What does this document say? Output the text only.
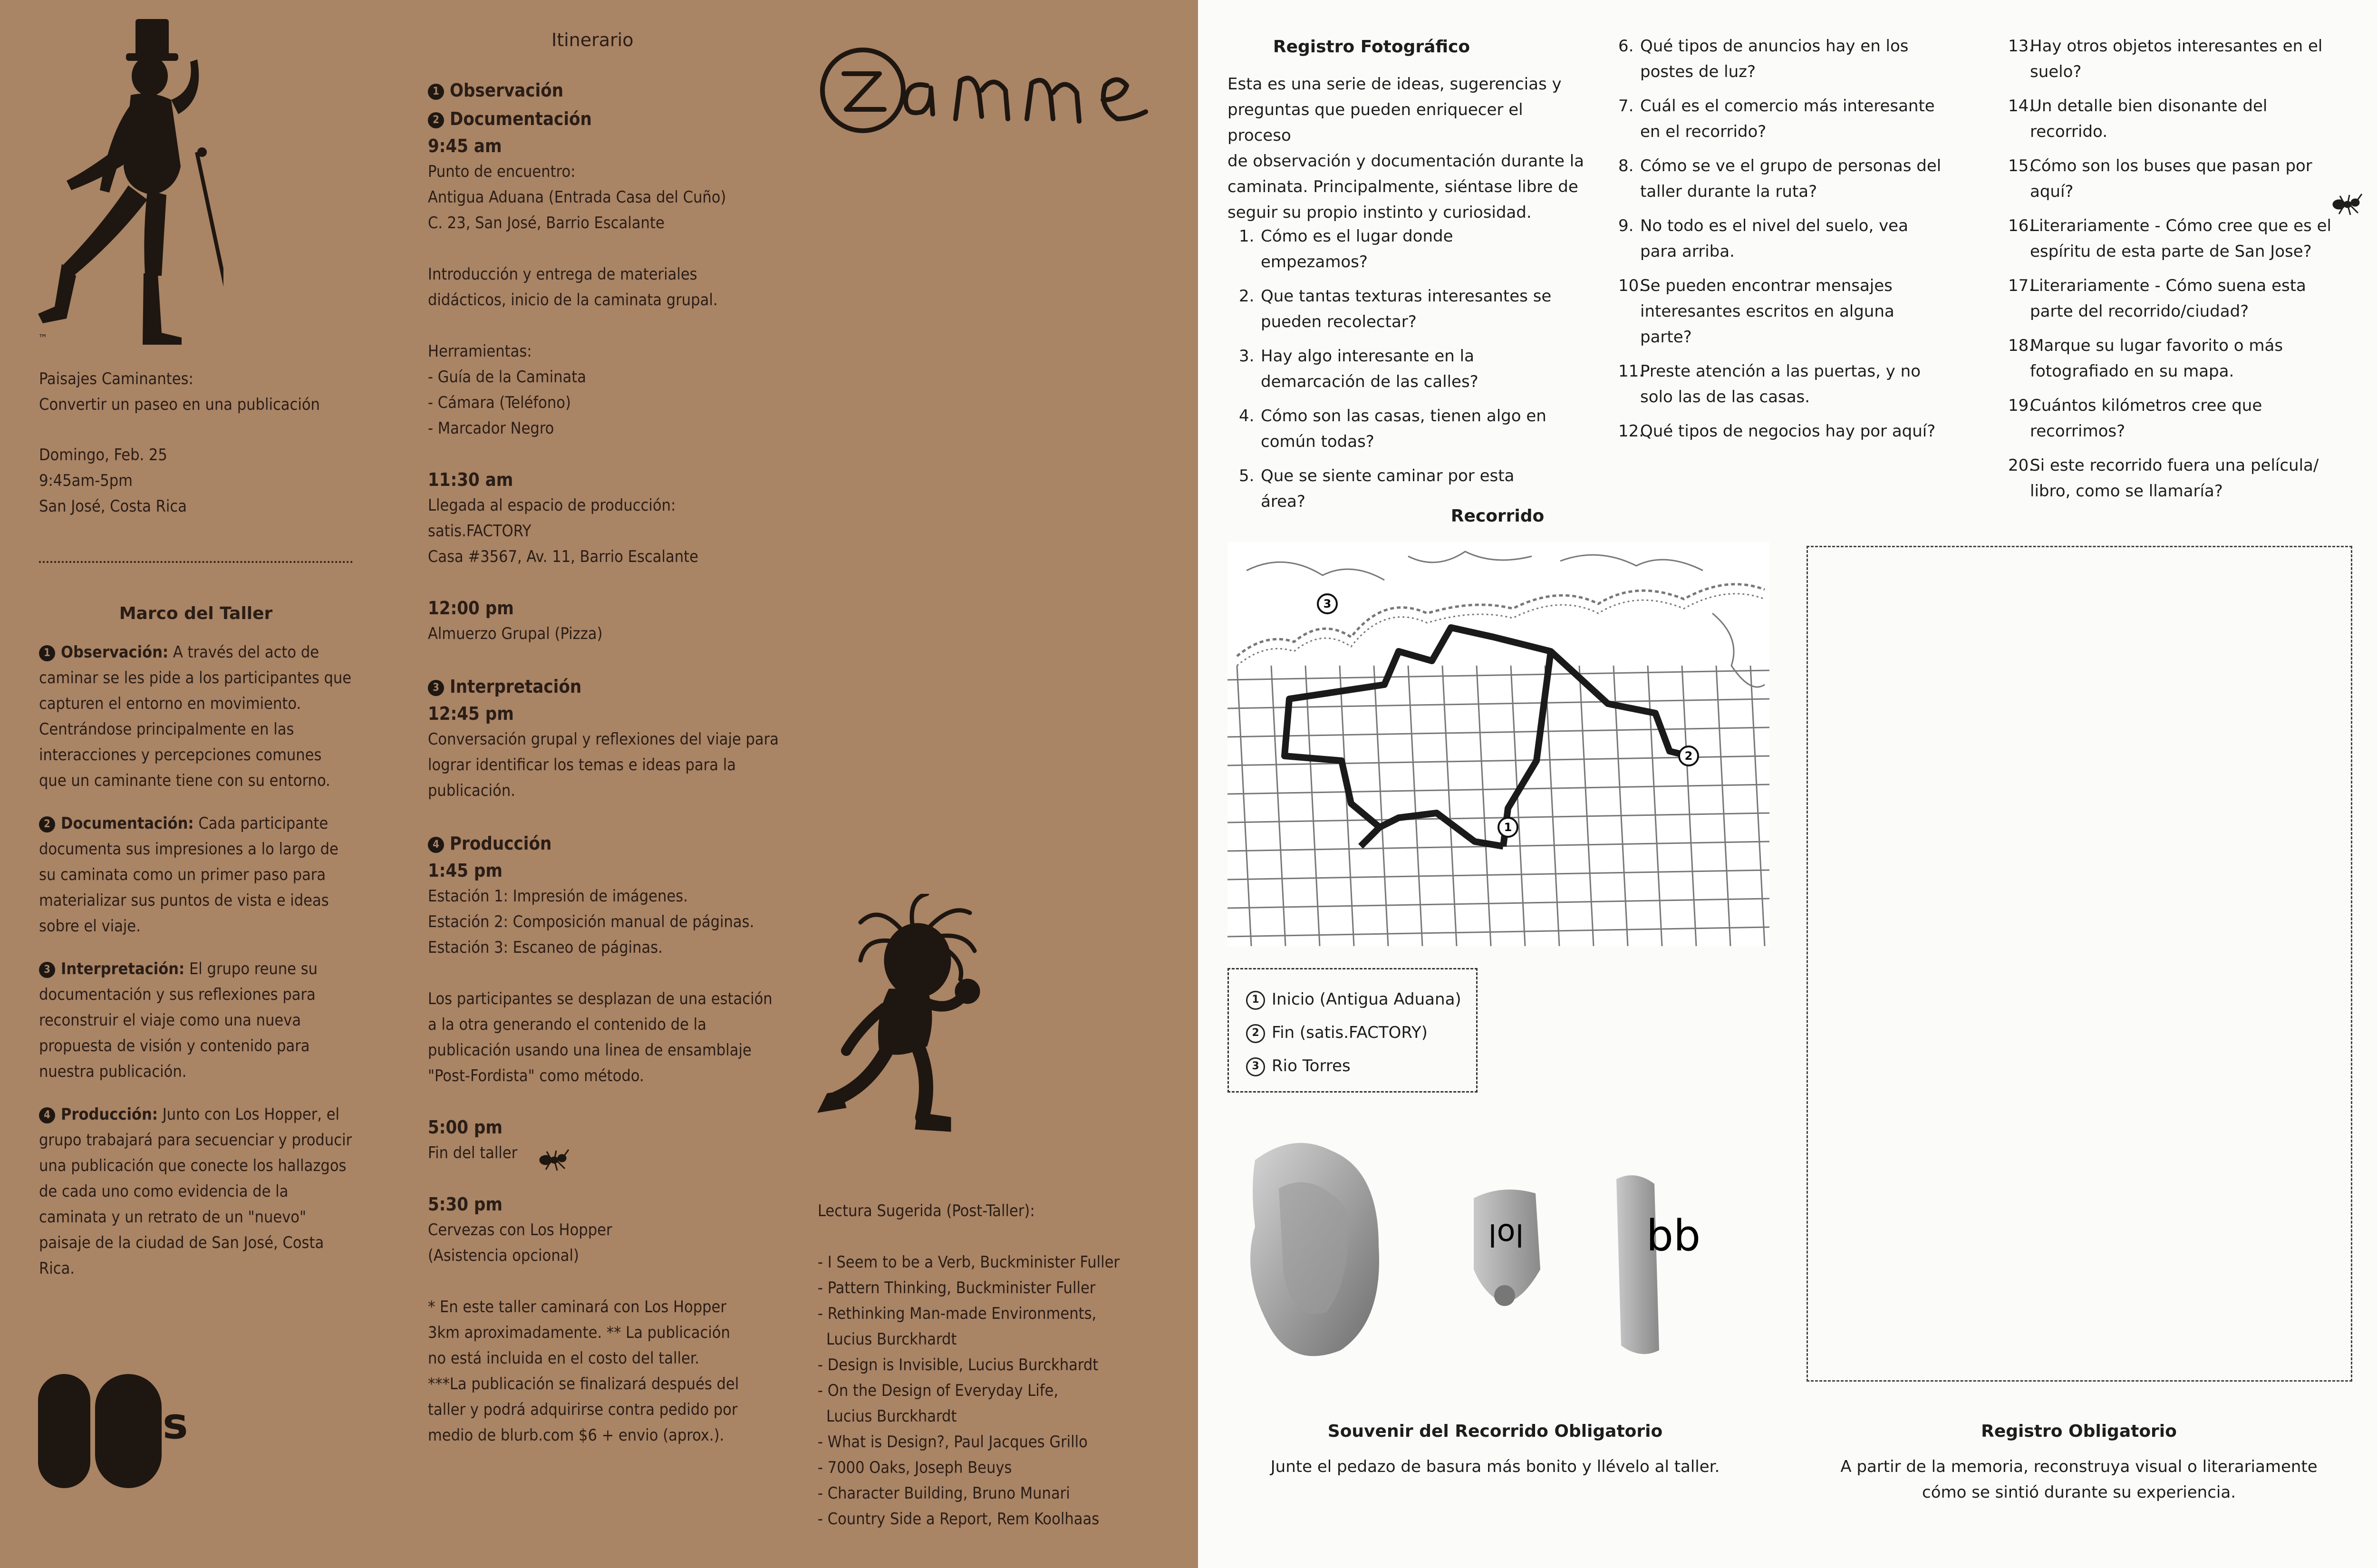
™

Paisajes Caminantes:

Convertir un paseo en una publicación

Domingo, Feb. 25

9:45am-5pm

San José, Costa Rica

Marco del Taller

1 Observación: A través del acto de caminar se les pide a los participantes que capturen el entorno en movimiento. Centrándose principalmente en las interacciones y percepciones comunes que un caminante tiene con su entorno.

2 Documentación: Cada participante documenta sus impresiones a lo largo de su caminata como un primer paso para materializar sus puntos de vista e ideas sobre el viaje.

3 Interpretación: El grupo reune su documentación y sus reflexiones para reconstruir el viaje como una nueva propuesta de visión y contenido para nuestra publicación.

4 Producción: Junto con Los Hopper, el grupo trabajará para secuenciar y producir una publicación que conecte los hallazgos de cada uno como evidencia de la caminata y un retrato de un "nuevo" paisaje de la ciudad de San José, Costa Rica.

s
Itinerario
1 Observación
2 Documentación
9:45 am

Punto de encuentro:

Antigua Aduana (Entrada Casa del Cuño)

C. 23, San José, Barrio Escalante

Introducción y entrega de materiales

didácticos, inicio de la caminata grupal.

Herramientas:

- Guía de la Caminata

- Cámara (Teléfono)

- Marcador Negro

11:30 am

Llegada al espacio de producción:

satis.FACTORY

Casa #3567, Av. 11, Barrio Escalante

12:00 pm

Almuerzo Grupal (Pizza)

3 Interpretación
12:45 pm

Conversación grupal y reflexiones del viaje para

lograr identificar los temas e ideas para la

publicación.

4 Producción
1:45 pm

Estación 1: Impresión de imágenes.

Estación 2: Composición manual de páginas.

Estación 3: Escaneo de páginas.

Los participantes se desplazan de una estación

a la otra generando el contenido de la

publicación usando una linea de ensamblaje

"Post-Fordista" como método.

5:00 pm

Fin del taller

5:30 pm

Cervezas con Los Hopper

(Asistencia opcional)

* En este taller caminará con Los Hopper

3km aproximadamente. ** La publicación

no está incluida en el costo del taller.

***La publicación se finalizará después del

taller y podrá adquirirse contra pedido por

medio de blurb.com $6 + envio (aprox.).

Lectura Sugerida (Post-Taller):

- I Seem to be a Verb, Buckminister Fuller

- Pattern Thinking, Buckminister Fuller

- Rethinking Man-made Environments,

Lucius Burckhardt

- Design is Invisible, Lucius Burckhardt

- On the Design of Everyday Life,

Lucius Burckhardt

- What is Design?, Paul Jacques Grillo

- 7000 Oaks, Joseph Beuys

- Character Building, Bruno Munari

- Country Side a Report, Rem Koolhaas

Registro Fotográfico
Esta es una serie de ideas, sugerencias y
preguntas que pueden enriquecer el proceso
de observación y documentación durante la
caminata. Principalmente, siéntase libre de
seguir su propio instinto y curiosidad.
1. Cómo es el lugar donde empezamos?
2. Que tantas texturas interesantes se pueden recolectar?
3. Hay algo interesante en la demarcación de las calles?
4. Cómo son las casas, tienen algo en común todas?
5. Que se siente caminar por esta área?
6. Qué tipos de anuncios hay en los postes de luz?
7. Cuál es el comercio más interesante en el recorrido?
8. Cómo se ve el grupo de personas del taller durante la ruta?
9. No todo es el nivel del suelo, vea para arriba.
10.Se pueden encontrar mensajes interesantes escritos en alguna parte?
11.Preste atención a las puertas, y no solo las de las casas.
12.Qué tipos de negocios hay por aquí?
13.Hay otros objetos interesantes en el suelo?
14.Un detalle bien disonante del recorrido.
15.Cómo son los buses que pasan por aquí?
16.Literariamente - Cómo cree que es el espíritu de esta parte de San Jose?
17.Literariamente - Cómo suena esta parte del recorrido/ciudad?
18.Marque su lugar favorito o más fotografiado en su mapa.
19.Cuántos kilómetros cree que recorrimos?
20.Si este recorrido fuera una película/ libro, como se llamaría?
Recorrido
3
2
1
1 Inicio (Antigua Aduana)
2 Fin (satis.FACTORY)
3 Rio Torres
lol	bb
Souvenir del Recorrido Obligatorio
Junte el pedazo de basura más bonito y llévelo al taller.
Registro Obligatorio
A partir de la memoria, reconstruya visual o literariamente
cómo se sintió durante su experiencia.
